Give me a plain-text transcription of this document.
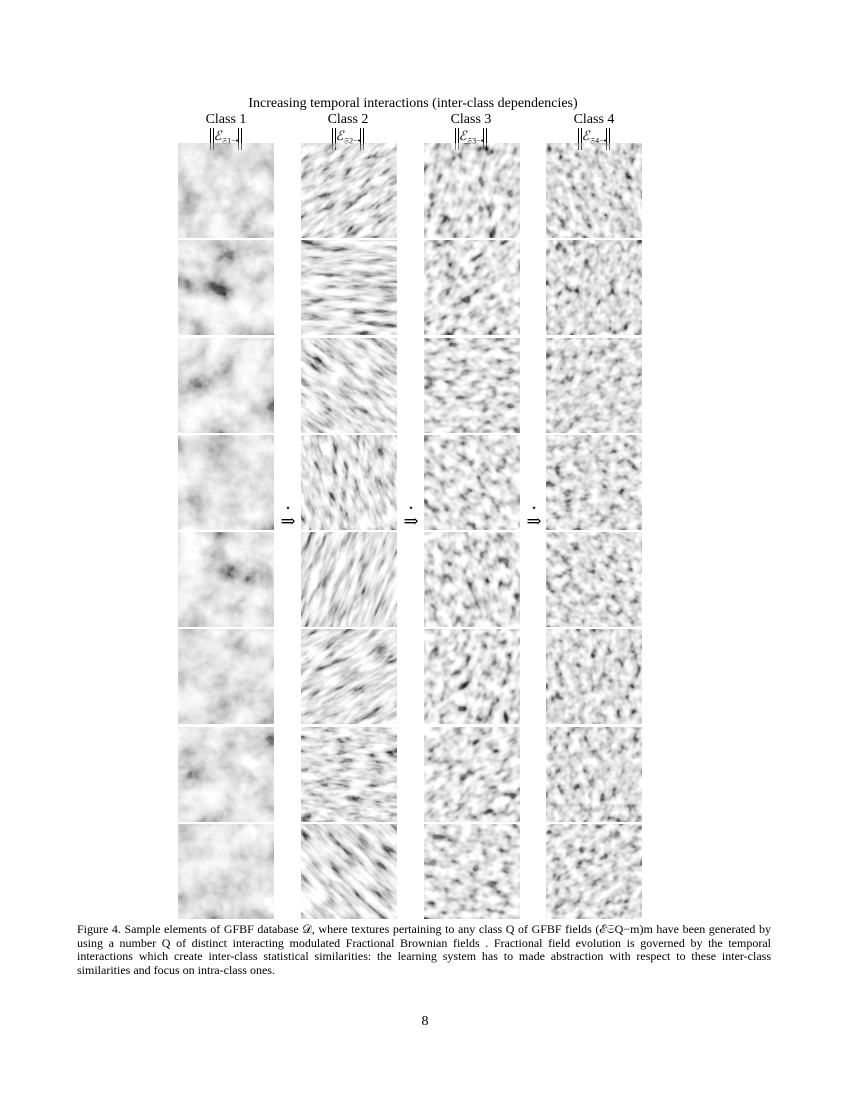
Increasing temporal interactions (inter-class dependencies)
Class 1
ℰ$_{𝔖1-•}$
Class 2
ℰ$_{𝔖2-•}$
Class 3
ℰ$_{𝔖3-•}$
Class 4
ℰ$_{𝔖4-•}$
⋆
⇒
⋆
⇒
⋆
⇒
Figure 4. Sample elements of GFBF database 𝒟, where textures pertaining to any class Q of GFBF fields (ℰ𝔖Q−m)m have been generated by using a number Q of distinct interacting modulated Fractional Brownian fields . Fractional field evolution is governed by the temporal interactions which create inter-class statistical similarities: the learning system has to made abstraction with respect to these inter-class similarities and focus on intra-class ones.
8
